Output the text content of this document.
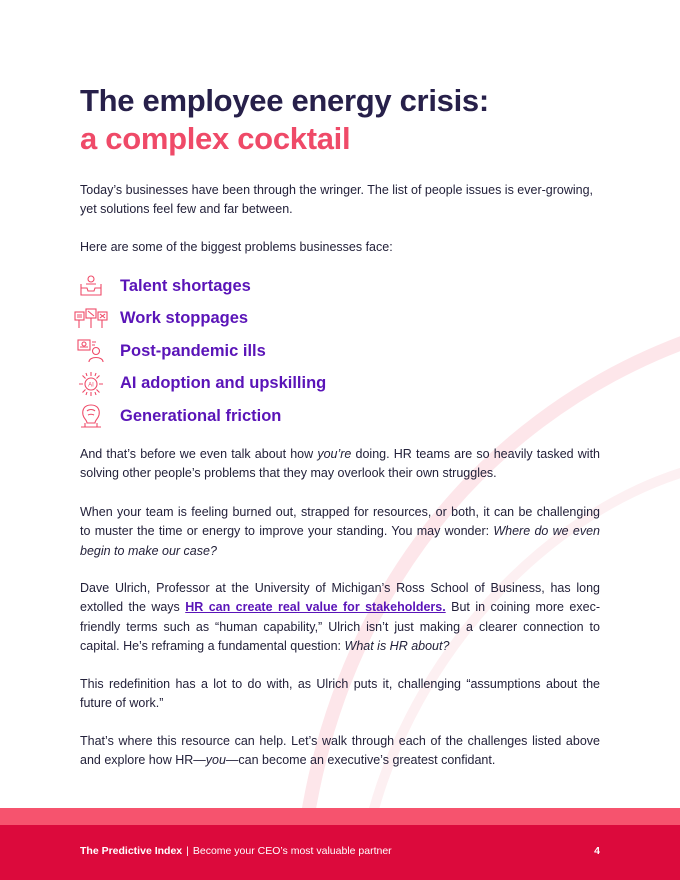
The employee energy crisis:
a complex cocktail

Today’s businesses have been through the wringer. The list of people issues is ever-growing, yet solutions feel few and far between.

Here are some of the biggest problems businesses face:

Talent shortages
Work stoppages
Post-pandemic ills
AI AI adoption and upskilling
Generational friction

And that’s before we even talk about how you’re doing. HR teams are so heavily tasked with solving other people’s problems that they may overlook their own struggles.

When your team is feeling burned out, strapped for resources, or both, it can be challenging to muster the time or energy to improve your standing. You may wonder: Where do we even begin to make our case?

Dave Ulrich, Professor at the University of Michigan’s Ross School of Business, has long extolled the ways HR can create real value for stakeholders. But in coining more exec-friendly terms such as “human capability,” Ulrich isn’t just making a clearer connection to capital. He’s reframing a fundamental question: What is HR about?

This redefinition has a lot to do with, as Ulrich puts it, challenging “assumptions about the future of work.”

That’s where this resource can help. Let’s walk through each of the challenges listed above and explore how HR—you—can become an executive’s greatest confidant.

The Predictive Index | Become your CEO’s most valuable partner	4
